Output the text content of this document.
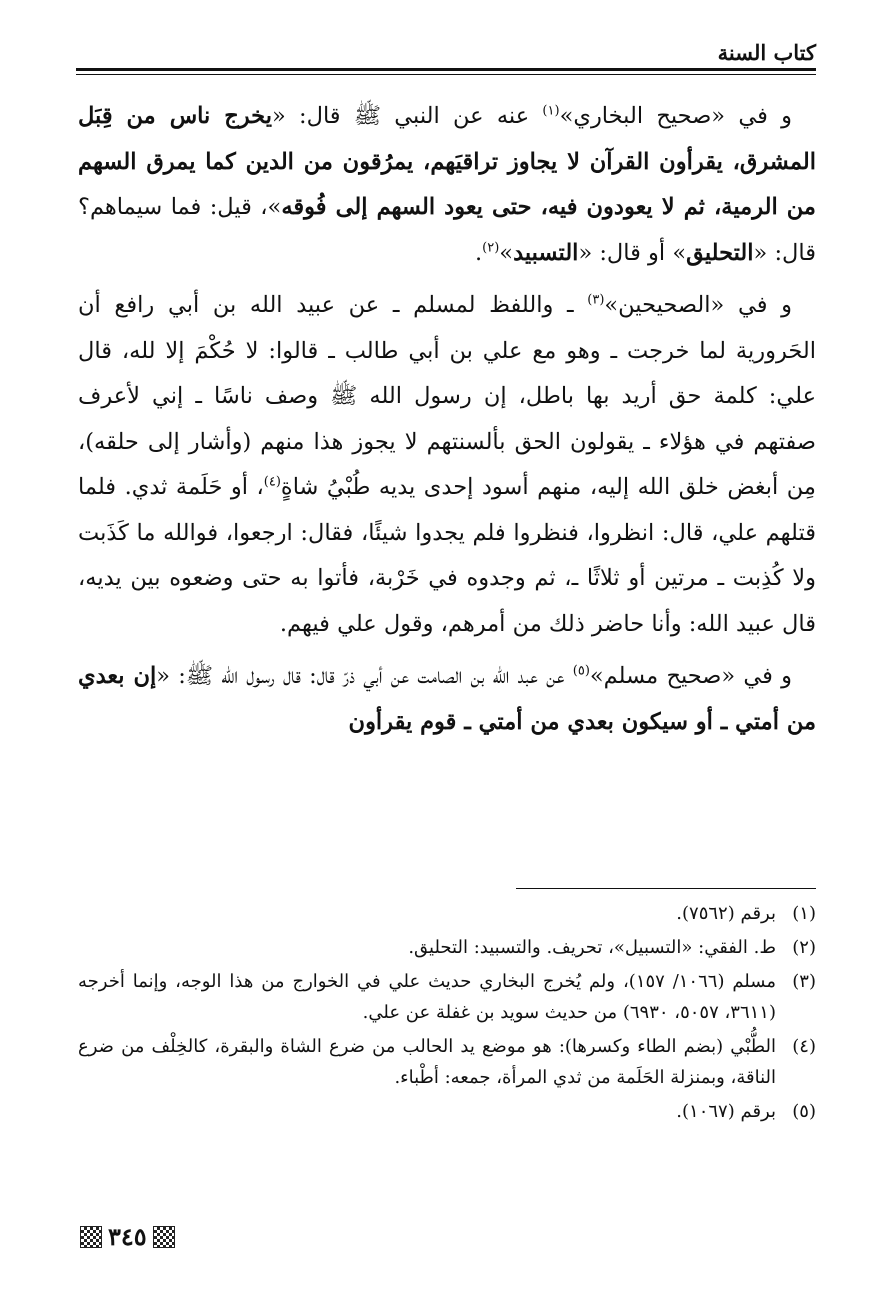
كتاب السنة

و في «صحيح البخاري»$^{(١)}$ عنه عن النبي ﷺ قال: «يخرج ناس من قِبَل المشرق، يقرأون القرآن لا يجاوز تراقيَهم، يمرُقون من الدين كما يمرق السهم من الرمية، ثم لا يعودون فيه، حتى يعود السهم إلى فُوقه»، قيل: فما سيماهم؟ قال: «التحليق» أو قال: «التسبيد»$^{(٢)}$.

و في «الصحيحين»$^{(٣)}$ ـ واللفظ لمسلم ـ عن عبيد الله بن أبي رافع أن الحَرورية لما خرجت ـ وهو مع علي بن أبي طالب ـ قالوا: لا حُكْمَ إلا لله، قال علي: كلمة حق أريد بها باطل، إن رسول الله ﷺ وصف ناسًا ـ إني لأعرف صفتهم في هؤلاء ـ يقولون الحق بألسنتهم لا يجوز هذا منهم (وأشار إلى حلقه)، مِن أبغض خلق الله إليه، منهم أسود إحدى يديه طُبْيُ شاةٍ$^{(٤)}$، أو حَلَمة ثدي. فلما قتلهم علي، قال: انظروا، فنظروا فلم يجدوا شيئًا، فقال: ارجعوا، فوالله ما كَذَبت ولا كُذِبت ـ مرتين أو ثلاثًا ـ، ثم وجدوه في خَرْبة، فأتوا به حتى وضعوه بين يديه، قال عبيد الله: وأنا حاضر ذلك من أمرهم، وقول علي فيهم.

و في «صحيح مسلم»$^{(٥)}$ عن عبد الله بن الصامت عن أبي ذرّ قال: قال رسول الله ﷺ: «إن بعدي من أمتي ـ أو سيكون بعدي من أمتي ـ قوم يقرأون

(١)
برقم (٧٥٦٢).
(٢)
ط. الفقي: «التسبيل»، تحريف. والتسبيد: التحليق.
(٣)
مسلم (١٠٦٦/ ١٥٧)، ولم يُخرج البخاري حديث علي في الخوارج من هذا الوجه، وإنما أخرجه (٣٦١١، ٥٠٥٧، ٦٩٣٠) من حديث سويد بن غفلة عن علي.
(٤)
الطُّبْي (بضم الطاء وكسرها): هو موضع يد الحالب من ضرع الشاة والبقرة، كالخِلْف من ضرع الناقة، وبمنزلة الحَلَمة من ثدي المرأة، جمعه: أطْباء.
(٥)
برقم (١٠٦٧).
٣٤٥
